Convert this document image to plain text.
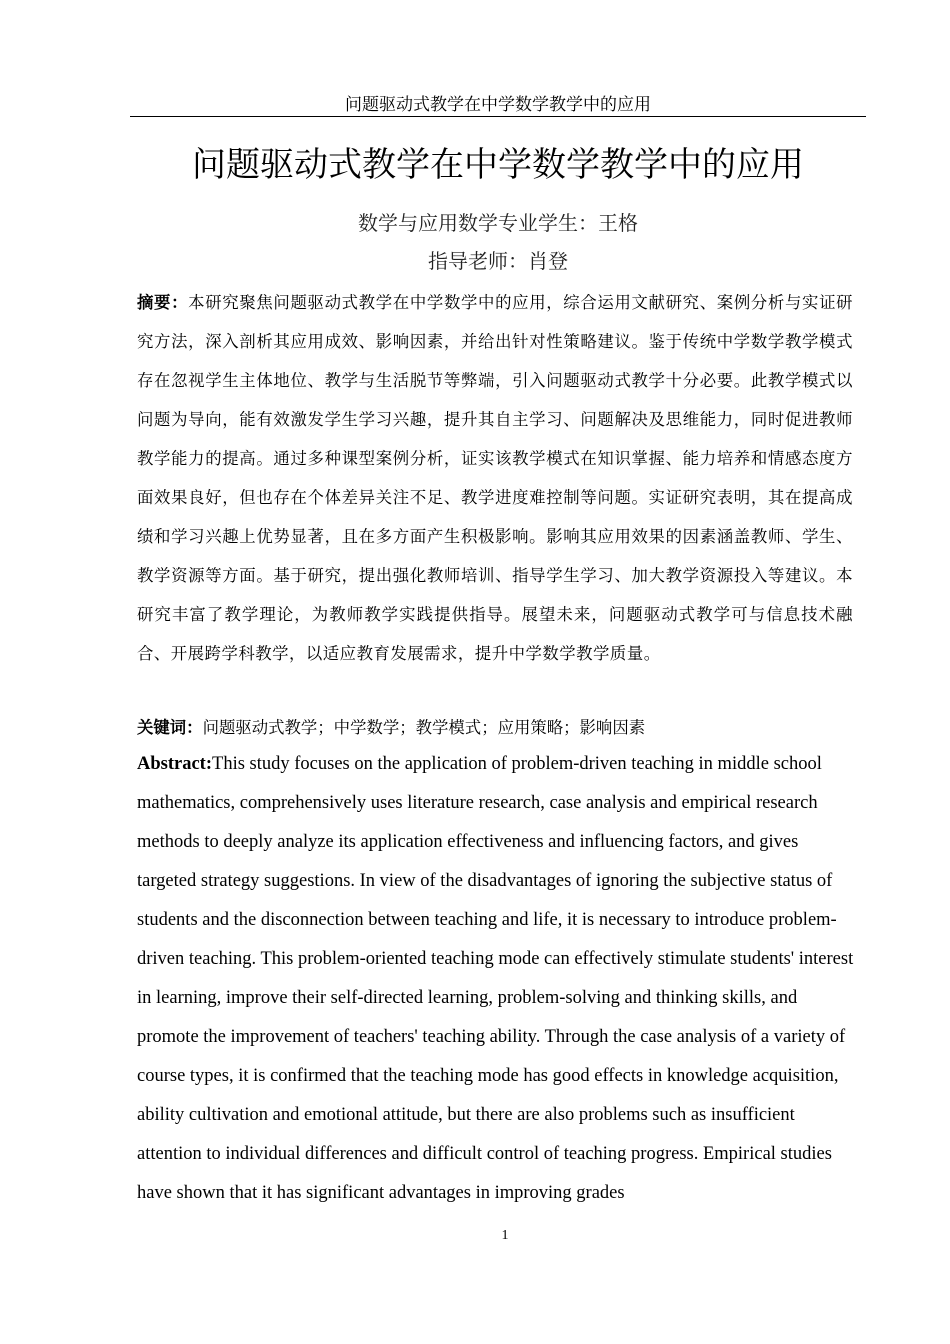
问题驱动式教学在中学数学教学中的应用
问题驱动式教学在中学数学教学中的应用
数学与应用数学专业学生：王格
指导老师：肖登
摘要：本研究聚焦问题驱动式教学在中学数学中的应用，综合运用文献研究、案例分析与实证研究方法，深入剖析其应用成效、影响因素，并给出针对性策略建议。鉴于传统中学数学教学模式存在忽视学生主体地位、教学与生活脱节等弊端，引入问题驱动式教学十分必要。此教学模式以问题为导向，能有效激发学生学习兴趣，提升其自主学习、问题解决及思维能力，同时促进教师教学能力的提高。通过多种课型案例分析，证实该教学模式在知识掌握、能力培养和情感态度方面效果良好，但也存在个体差异关注不足、教学进度难控制等问题。实证研究表明，其在提高成绩和学习兴趣上优势显著，且在多方面产生积极影响。影响其应用效果的因素涵盖教师、学生、教学资源等方面。基于研究，提出强化教师培训、指导学生学习、加大教学资源投入等建议。本研究丰富了教学理论，为教师教学实践提供指导。展望未来，问题驱动式教学可与信息技术融合、开展跨学科教学，以适应教育发展需求，提升中学数学教学质量。
关键词：问题驱动式教学；中学数学；教学模式；应用策略；影响因素
Abstract:This study focuses on the application of problem-driven teaching in middle school mathematics, comprehensively uses literature research, case analysis and empirical research methods to deeply analyze its application effectiveness and influencing factors, and gives targeted strategy suggestions. In view of the disadvantages of ignoring the subjective status of students and the disconnection between teaching and life, it is necessary to introduce problem-driven teaching. This problem-oriented teaching mode can effectively stimulate students' interest in learning, improve their self-directed learning, problem-solving and thinking skills, and promote the improvement of teachers' teaching ability. Through the case analysis of a variety of course types, it is confirmed that the teaching mode has good effects in knowledge acquisition, ability cultivation and emotional attitude, but there are also problems such as insufficient attention to individual differences and difficult control of teaching progress. Empirical studies have shown that it has significant advantages in improving grades
1
